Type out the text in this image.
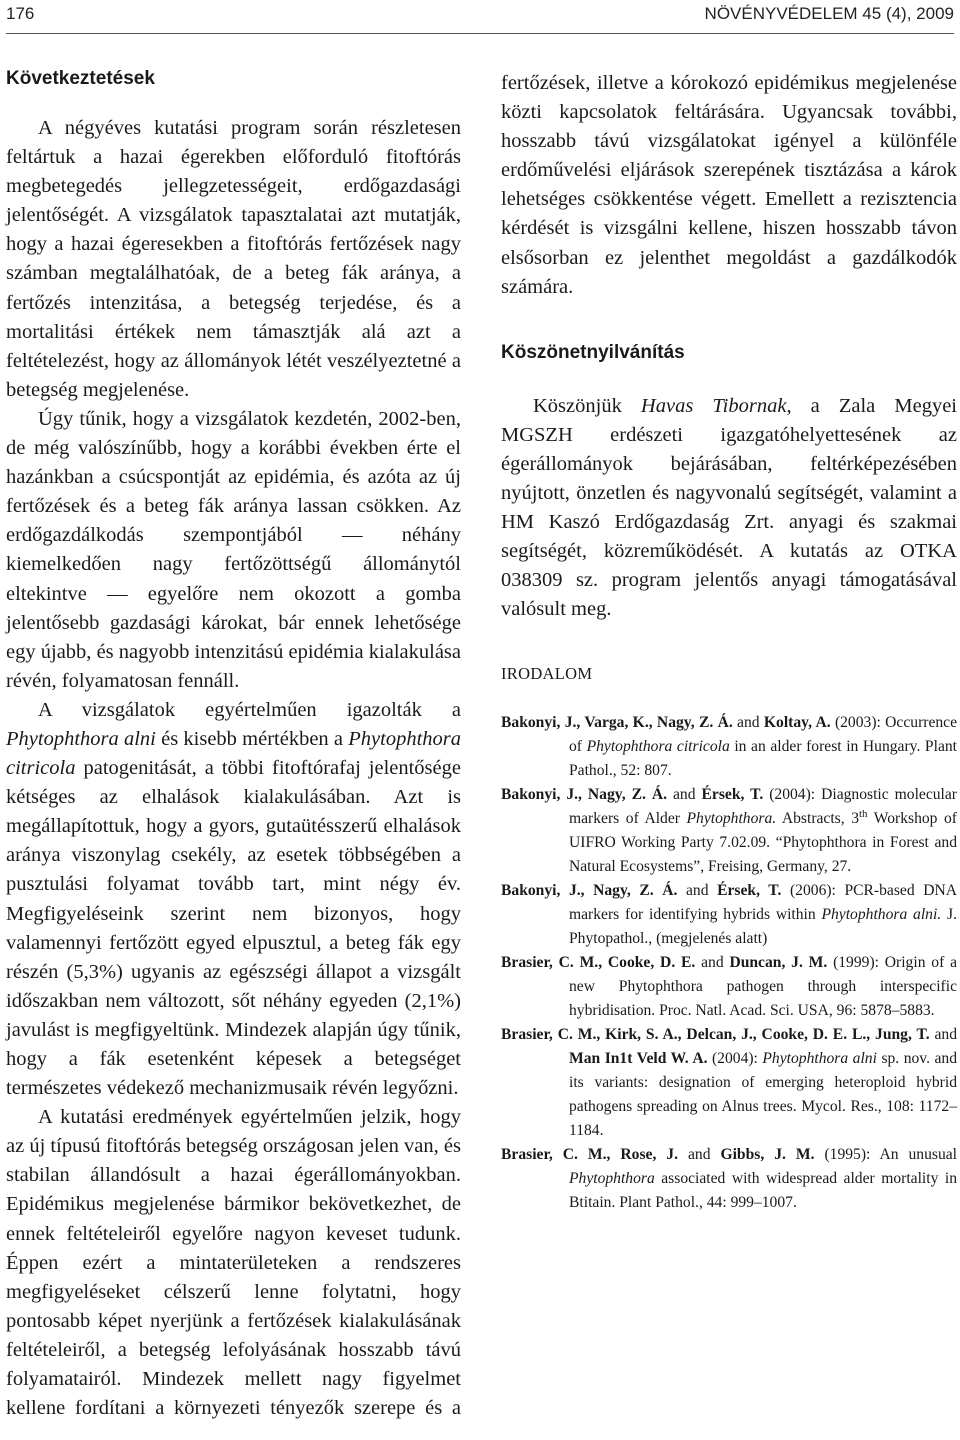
176	NÖVÉNYVÉDELEM 45 (4), 2009
Következtetések

A négyéves kutatási program során részletesen feltártuk a hazai égerekben előforduló fitoftórás megbetegedés jellegzetességeit, erdőgazdasági jelentőségét. A vizsgálatok tapasztalatai azt mutatják, hogy a hazai égeresekben a fitoftórás fertőzések nagy számban megtalálhatóak, de a beteg fák aránya, a fertőzés intenzitása, a betegség terjedése, és a mortalitási értékek nem támasztják alá azt a feltételezést, hogy az állományok létét veszélyeztetné a betegség megjelenése.

Úgy tűnik, hogy a vizsgálatok kezdetén, 2002-ben, de még valószínűbb, hogy a korábbi években érte el hazánkban a csúcspontját az epidémia, és azóta az új fertőzések és a beteg fák aránya lassan csökken. Az erdőgazdálkodás szempontjából — néhány kiemelkedően nagy fertőzöttségű állománytól eltekintve — egyelőre nem okozott a gomba jelentősebb gazdasági károkat, bár ennek lehetősége egy újabb, és nagyobb intenzitású epidémia kialakulása révén, folyamatosan fennáll.

A vizsgálatok egyértelműen igazolták a Phytophthora alni és kisebb mértékben a Phytophthora citricola patogenitását, a többi fitoftórafaj jelentősége kétséges az elhalások kialakulásában. Azt is megállapítottuk, hogy a gyors, gutaütésszerű elhalások aránya viszonylag csekély, az esetek többségében a pusztulási folyamat tovább tart, mint négy év. Megfigyeléseink szerint nem bizonyos, hogy valamennyi fertőzött egyed elpusztul, a beteg fák egy részén (5,3%) ugyanis az egészségi állapot a vizsgált időszakban nem változott, sőt néhány egyeden (2,1%) javulást is megfigyeltünk. Mindezek alapján úgy tűnik, hogy a fák esetenként képesek a betegséget természetes védekező mechanizmusaik révén legyőzni.

A kutatási eredmények egyértelműen jelzik, hogy az új típusú fitoftórás betegség országosan jelen van, és stabilan állandósult a hazai égerállományokban. Epidémikus megjelenése bármikor bekövetkezhet, de ennek feltételeiről egyelőre nagyon keveset tudunk. Éppen ezért a mintaterületeken a rendszeres megfigyeléseket célszerű lenne folytatni, hogy pontosabb képet nyerjünk a fertőzések kialakulásának feltételeiről, a betegség lefolyásának hosszabb távú folyamatairól. Mindezek mellett nagy figyelmet kellene fordítani a környezeti tényezők szerepe és a

fertőzések, illetve a kórokozó epidémikus megjelenése közti kapcsolatok feltárására. Ugyancsak további, hosszabb távú vizsgálatokat igényel a különféle erdőművelési eljárások szerepének tisztázása a károk lehetséges csökkentése végett. Emellett a rezisztencia kérdését is vizsgálni kellene, hiszen hosszabb távon elsősorban ez jelenthet megoldást a gazdálkodók számára.

Köszönetnyilvánítás

Köszönjük Havas Tibornak, a Zala Megyei MGSZH erdészeti igazgatóhelyettesének az égerállományok bejárásában, feltérképezésében nyújtott, önzetlen és nagyvonalú segítségét, valamint a HM Kaszó Erdőgazdaság Zrt. anyagi és szakmai segítségét, közreműködését. A kutatás az OTKA 038309 sz. program jelentős anyagi támogatásával valósult meg.

IRODALOM
Bakonyi, J., Varga, K., Nagy, Z. Á. and Koltay, A. (2003): Occurrence of Phytophthora citricola in an alder forest in Hungary. Plant Pathol., 52: 807.
Bakonyi, J., Nagy, Z. Á. and Érsek, T. (2004): Diagnostic molecular markers of Alder Phytophthora. Abstracts, 3th Workshop of UIFRO Working Party 7.02.09. “Phytophthora in Forest and Natural Ecosystems”, Freising, Germany, 27.
Bakonyi, J., Nagy, Z. Á. and Érsek, T. (2006): PCR-based DNA markers for identifying hybrids within Phytophthora alni. J. Phytopathol., (megjelenés alatt)
Brasier, C. M., Cooke, D. E. and Duncan, J. M. (1999): Origin of a new Phytophthora pathogen through interspecific hybridisation. Proc. Natl. Acad. Sci. USA, 96: 5878–5883.
Brasier, C. M., Kirk, S. A., Delcan, J., Cooke, D. E. L., Jung, T. and Man In1t Veld W. A. (2004): Phytophthora alni sp. nov. and its variants: designation of emerging heteroploid hybrid pathogens spreading on Alnus trees. Mycol. Res., 108: 1172–1184.
Brasier, C. M., Rose, J. and Gibbs, J. M. (1995): An unusual Phytophthora associated with widespread alder mortality in Btitain. Plant Pathol., 44: 999–1007.
